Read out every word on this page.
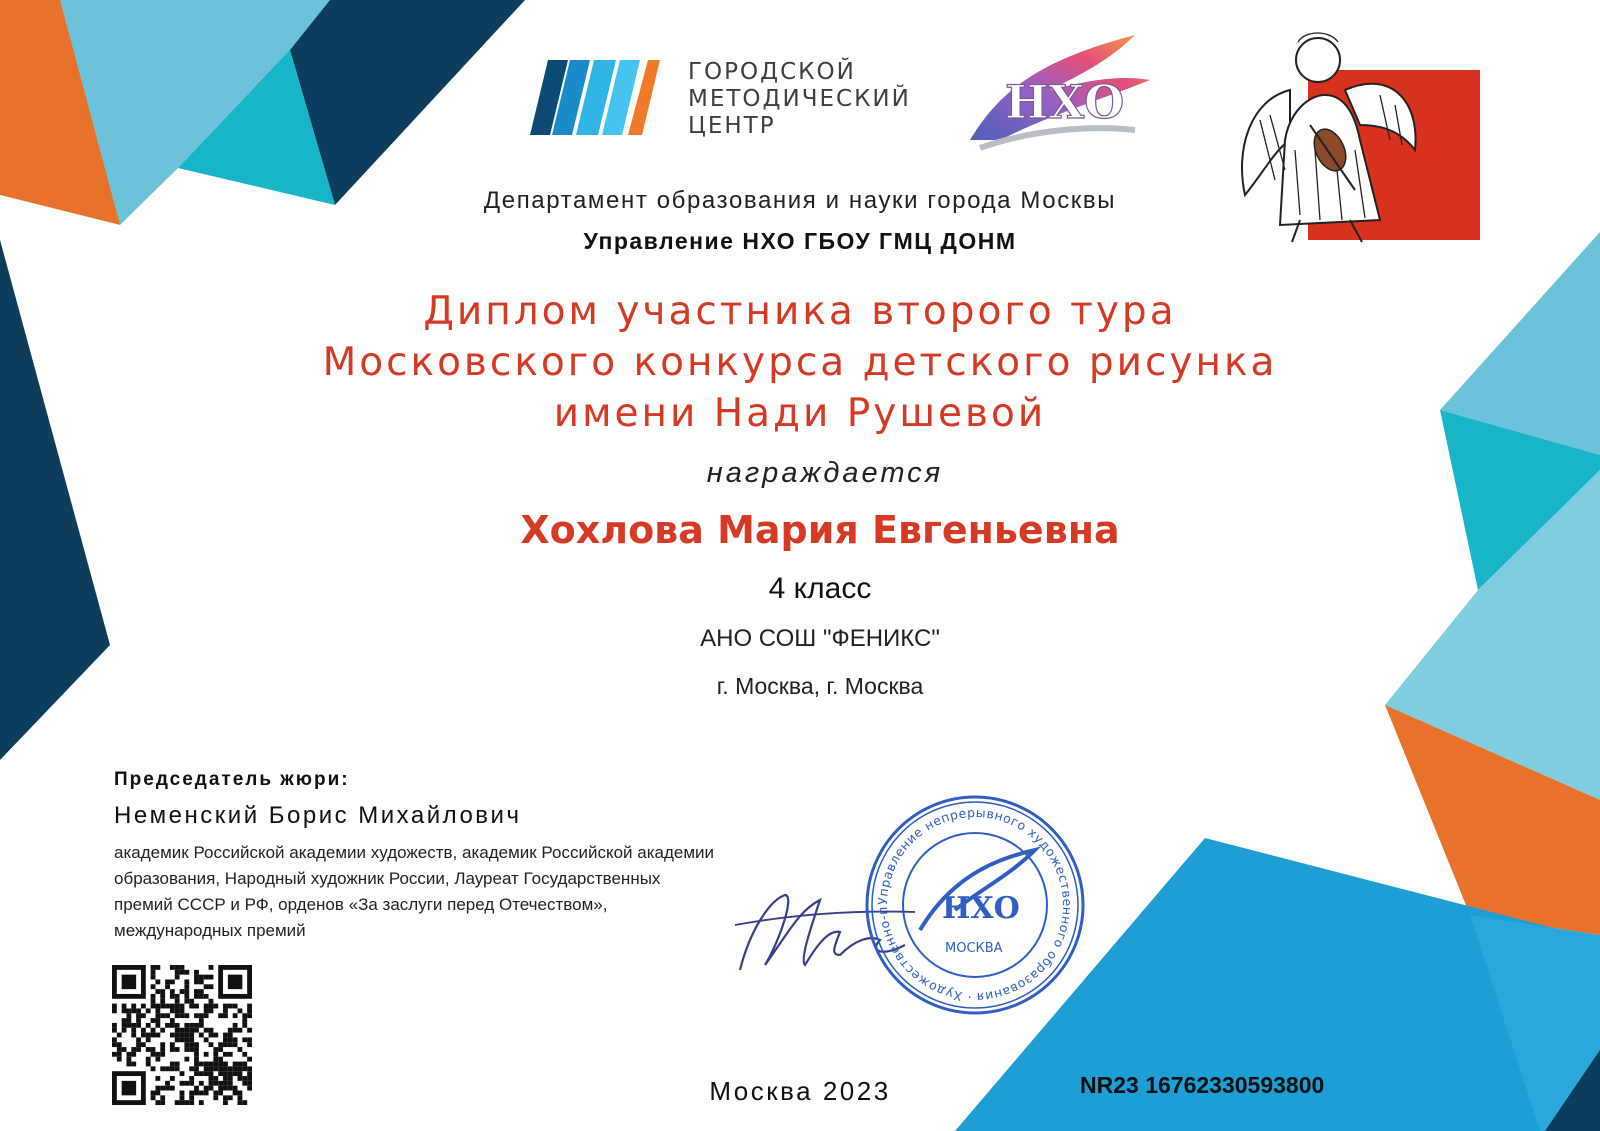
ГОРОДСКОЙ
МЕТОДИЧЕСКИЙ
ЦЕНТР	НХО
Департамент образования и науки города Москвы
Управление НХО ГБОУ ГМЦ ДОНМ
Диплом участника второго тура
Московского конкурса детского рисунка
имени Нади Рушевой
награждается
Хохлова Мария Евгеньевна
4 класс
АНО СОШ "ФЕНИКС"
г. Москва, г. Москва
Председатель жюри:
Неменский Борис Михайлович
академик Российской академии художеств, академик Российской академии
образования, Народный художник России, Лауреат Государственных
премий СССР и РФ, орденов «За заслуги перед Отечеством»,
международных премий
Управление непрерывного художественного образования · Художественно-п	НХО
МОСКВА
Москва 2023	NR23 16762330593800
